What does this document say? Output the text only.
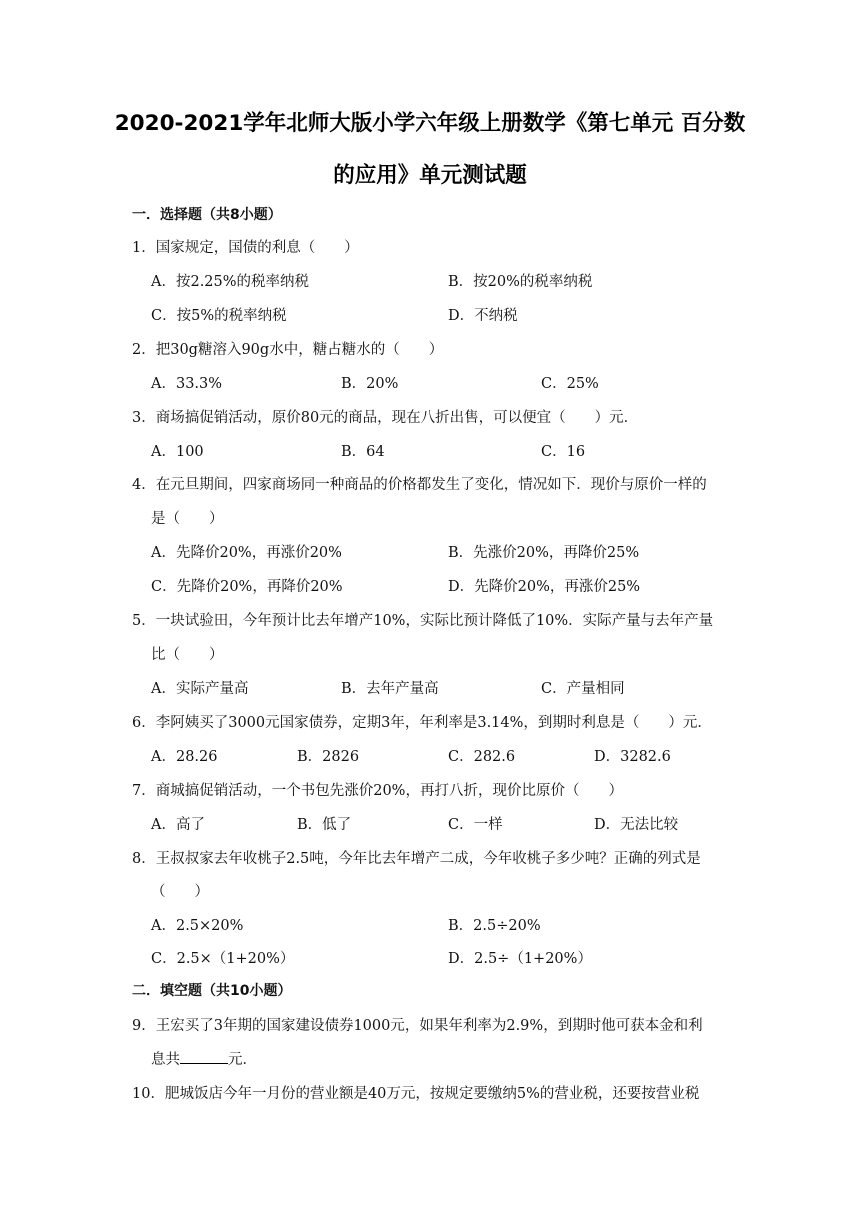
2020-2021学年北师大版小学六年级上册数学《第七单元 百分数
的应用》单元测试题
一．选择题（共8小题）
1．国家规定，国债的利息（　　）
A．按2.25%的税率纳税	B．按20%的税率纳税
C．按5%的税率纳税	D．不纳税
2．把30g糖溶入90g水中，糖占糖水的（　　）
A．33.3%	B．20%	C．25%
3．商场搞促销活动，原价80元的商品，现在八折出售，可以便宜（　　）元．
A．100	B．64	C．16
4．在元旦期间，四家商场同一种商品的价格都发生了变化，情况如下．现价与原价一样的
是（　　）
A．先降价20%，再涨价20%	B．先涨价20%，再降价25%
C．先降价20%，再降价20%	D．先降价20%，再涨价25%
5．一块试验田，今年预计比去年增产10%，实际比预计降低了10%．实际产量与去年产量
比（　　）
A．实际产量高	B．去年产量高	C．产量相同
6．李阿姨买了3000元国家债券，定期3年，年利率是3.14%，到期时利息是（　　）元．
A．28.26	B．2826	C．282.6	D．3282.6
7．商城搞促销活动，一个书包先涨价20%，再打八折，现价比原价（　　）
A．高了	B．低了	C．一样	D．无法比较
8．王叔叔家去年收桃子2.5吨，今年比去年增产二成，今年收桃子多少吨？正确的列式是
（　　）
A．2.5×20%	B．2.5÷20%
C．2.5×（1+20%）	D．2.5÷（1+20%）
二．填空题（共10小题）
9．王宏买了3年期的国家建设债券1000元，如果年利率为2.9%，到期时他可获本金和利
息共	元．
10．肥城饭店今年一月份的营业额是40万元，按规定要缴纳5%的营业税，还要按营业税
